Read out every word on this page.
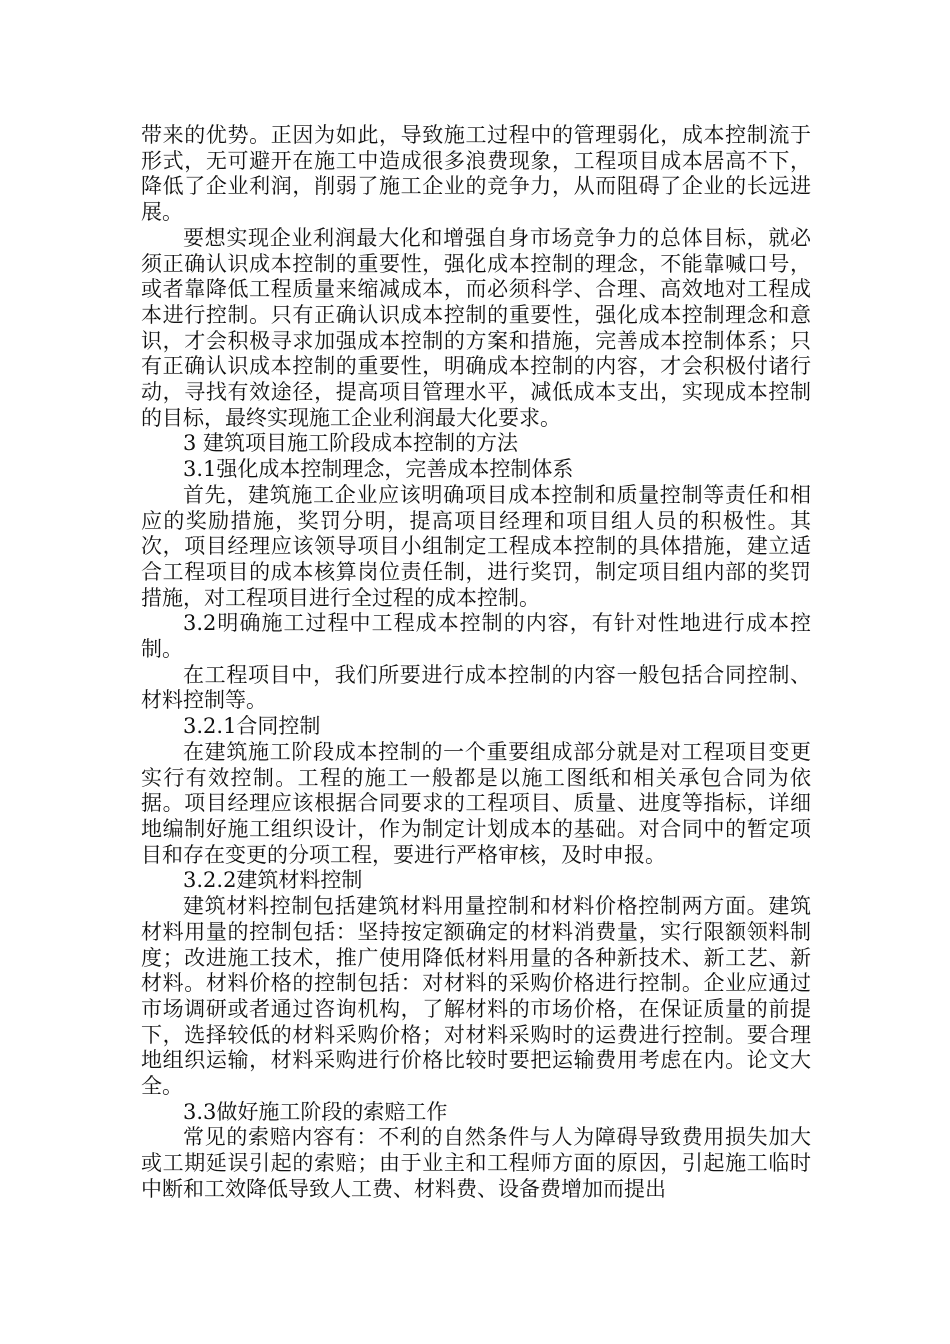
带来的优势。正因为如此，导致施工过程中的管理弱化，成本控制流于形式，无可避开在施工中造成很多浪费现象，工程项目成本居高不下，降低了企业利润，削弱了施工企业的竞争力，从而阻碍了企业的长远进展。

要想实现企业利润最大化和增强自身市场竞争力的总体目标，就必须正确认识成本控制的重要性，强化成本控制的理念，不能靠喊口号，或者靠降低工程质量来缩减成本，而必须科学、合理、高效地对工程成本进行控制。只有正确认识成本控制的重要性，强化成本控制理念和意识，才会积极寻求加强成本控制的方案和措施，完善成本控制体系；只有正确认识成本控制的重要性，明确成本控制的内容，才会积极付诸行动，寻找有效途径，提高项目管理水平，减低成本支出，实现成本控制的目标，最终实现施工企业利润最大化要求。

3 建筑项目施工阶段成本控制的方法

3.1强化成本控制理念，完善成本控制体系

首先，建筑施工企业应该明确项目成本控制和质量控制等责任和相应的奖励措施，奖罚分明，提高项目经理和项目组人员的积极性。其次，项目经理应该领导项目小组制定工程成本控制的具体措施，建立适合工程项目的成本核算岗位责任制，进行奖罚，制定项目组内部的奖罚措施，对工程项目进行全过程的成本控制。

3.2明确施工过程中工程成本控制的内容，有针对性地进行成本控制。

在工程项目中，我们所要进行成本控制的内容一般包括合同控制、材料控制等。

3.2.1合同控制

在建筑施工阶段成本控制的一个重要组成部分就是对工程项目变更实行有效控制。工程的施工一般都是以施工图纸和相关承包合同为依据。项目经理应该根据合同要求的工程项目、质量、进度等指标，详细地编制好施工组织设计，作为制定计划成本的基础。对合同中的暂定项目和存在变更的分项工程，要进行严格审核，及时申报。

3.2.2建筑材料控制

建筑材料控制包括建筑材料用量控制和材料价格控制两方面。建筑材料用量的控制包括：坚持按定额确定的材料消费量，实行限额领料制度；改进施工技术，推广使用降低材料用量的各种新技术、新工艺、新材料。材料价格的控制包括：对材料的采购价格进行控制。企业应通过市场调研或者通过咨询机构，了解材料的市场价格，在保证质量的前提下，选择较低的材料采购价格；对材料采购时的运费进行控制。要合理地组织运输，材料采购进行价格比较时要把运输费用考虑在内。论文大全。

3.3做好施工阶段的索赔工作

常见的索赔内容有：不利的自然条件与人为障碍导致费用损失加大或工期延误引起的索赔；由于业主和工程师方面的原因，引起施工临时中断和工效降低导致人工费、材料费、设备费增加而提出
